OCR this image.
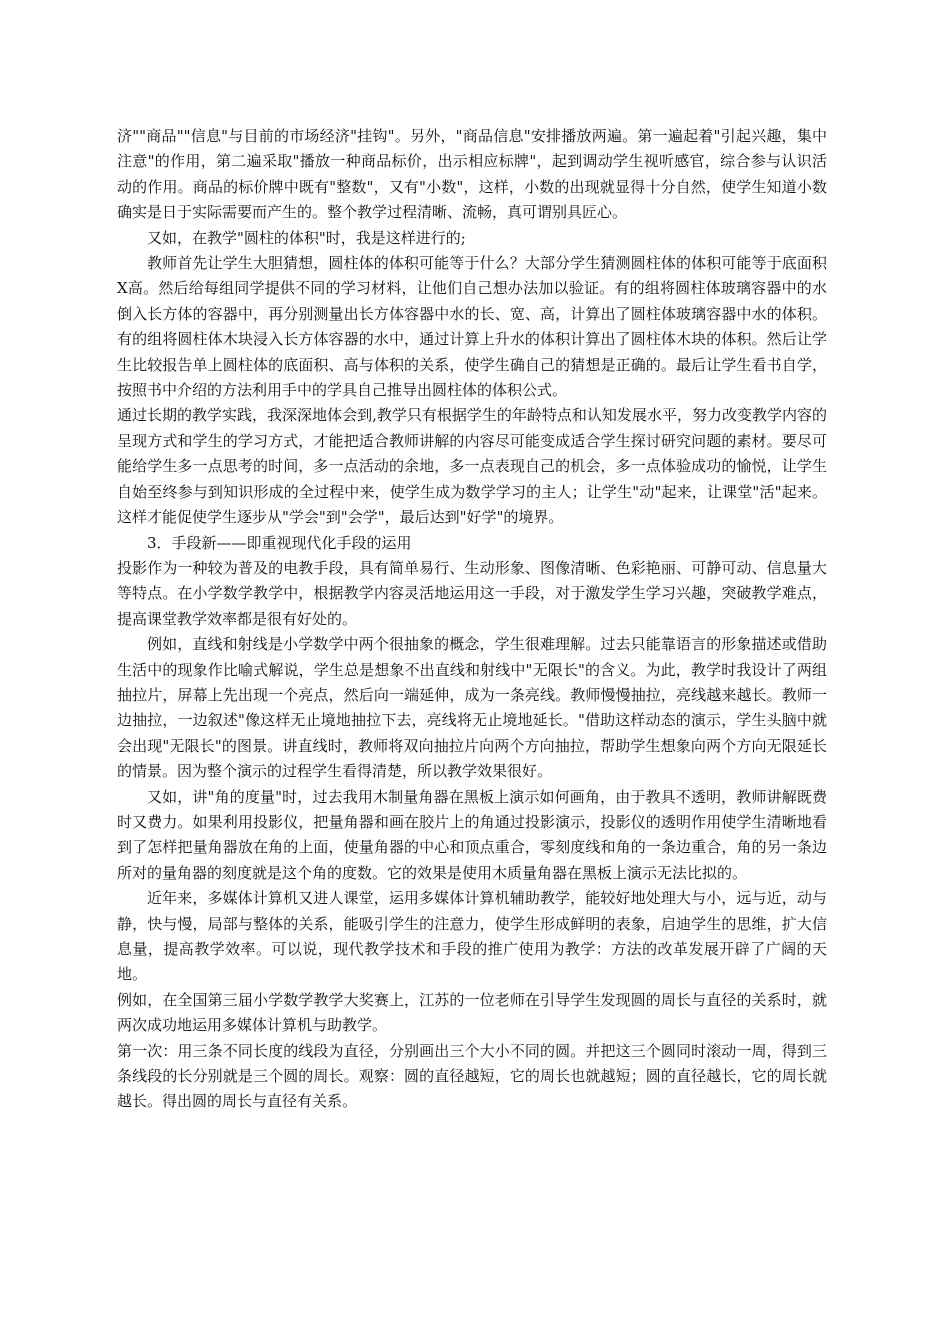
济""商品""信息"与目前的市场经济"挂钩"。另外，"商品信息"安排播放两遍。第一遍起着"引起兴趣，集中注意"的作用，第二遍采取"播放一种商品标价，出示相应标牌"，起到调动学生视听感官，综合参与认识活动的作用。商品的标价牌中既有"整数"，又有"小数"，这样，小数的出现就显得十分自然，使学生知道小数确实是日于实际需要而产生的。整个教学过程清晰、流畅，真可谓别具匠心。

又如，在教学"圆柱的体积"时，我是这样进行的;

教师首先让学生大胆猜想，圆柱体的体积可能等于什么？大部分学生猜测圆柱体的体积可能等于底面积X高。然后给每组同学提供不同的学习材料，让他们自己想办法加以验证。有的组将圆柱体玻璃容器中的水倒入长方体的容器中，再分别测量出长方体容器中水的长、宽、高，计算出了圆柱体玻璃容器中水的体积。有的组将圆柱体木块浸入长方体容器的水中，通过计算上升水的体积计算出了圆柱体木块的体积。然后让学生比较报告单上圆柱体的底面积、高与体积的关系，使学生确自己的猜想是正确的。最后让学生看书自学，按照书中介绍的方法利用手中的学具自己推导出圆柱体的体积公式。

通过长期的教学实践，我深深地体会到,教学只有根据学生的年龄特点和认知发展水平，努力改变教学内容的呈现方式和学生的学习方式，才能把适合教师讲解的内容尽可能变成适合学生探讨研究问题的素材。要尽可能给学生多一点思考的时间，多一点活动的余地，多一点表现自己的机会，多一点体验成功的愉悦，让学生自始至终参与到知识形成的全过程中来，使学生成为数学学习的主人；让学生"动"起来，让课堂"活"起来。这样才能促使学生逐步从"学会"到"会学"，最后达到"好学"的境界。

3．手段新——即重视现代化手段的运用

投影作为一种较为普及的电教手段，具有简单易行、生动形象、图像清晰、色彩艳丽、可静可动、信息量大等特点。在小学数学教学中，根据教学内容灵活地运用这一手段，对于激发学生学习兴趣，突破教学难点，提高课堂教学效率都是很有好处的。

例如，直线和射线是小学数学中两个很抽象的概念，学生很难理解。过去只能靠语言的形象描述或借助生活中的现象作比喻式解说，学生总是想象不出直线和射线中"无限长"的含义。为此，教学时我设计了两组抽拉片，屏幕上先出现一个亮点，然后向一端延伸，成为一条亮线。教师慢慢抽拉，亮线越来越长。教师一边抽拉，一边叙述"像这样无止境地抽拉下去，亮线将无止境地延长。"借助这样动态的演示，学生头脑中就会出现"无限长"的图景。讲直线时，教师将双向抽拉片向两个方向抽拉，帮助学生想象向两个方向无限延长的情景。因为整个演示的过程学生看得清楚，所以教学效果很好。

又如，讲"角的度量"时，过去我用木制量角器在黑板上演示如何画角，由于教具不透明，教师讲解既费时又费力。如果利用投影仪，把量角器和画在胶片上的角通过投影演示，投影仪的透明作用使学生清晰地看到了怎样把量角器放在角的上面，使量角器的中心和顶点重合，零刻度线和角的一条边重合，角的另一条边所对的量角器的刻度就是这个角的度数。它的效果是使用木质量角器在黑板上演示无法比拟的。

近年来，多媒体计算机又进人课堂，运用多媒体计算机辅助教学，能较好地处理大与小，远与近，动与静，快与慢，局部与整体的关系，能吸引学生的注意力，使学生形成鲜明的表象，启迪学生的思维，扩大信息量，提高教学效率。可以说，现代教学技术和手段的推广使用为教学：方法的改革发展开辟了广阔的天地。

例如，在全国第三届小学数学教学大奖赛上，江苏的一位老师在引导学生发现圆的周长与直径的关系时，就两次成功地运用多媒体计算机与助教学。

第一次：用三条不同长度的线段为直径，分别画出三个大小不同的圆。并把这三个圆同时滚动一周，得到三条线段的长分别就是三个圆的周长。观察：圆的直径越短，它的周长也就越短；圆的直径越长，它的周长就越长。得出圆的周长与直径有关系。
